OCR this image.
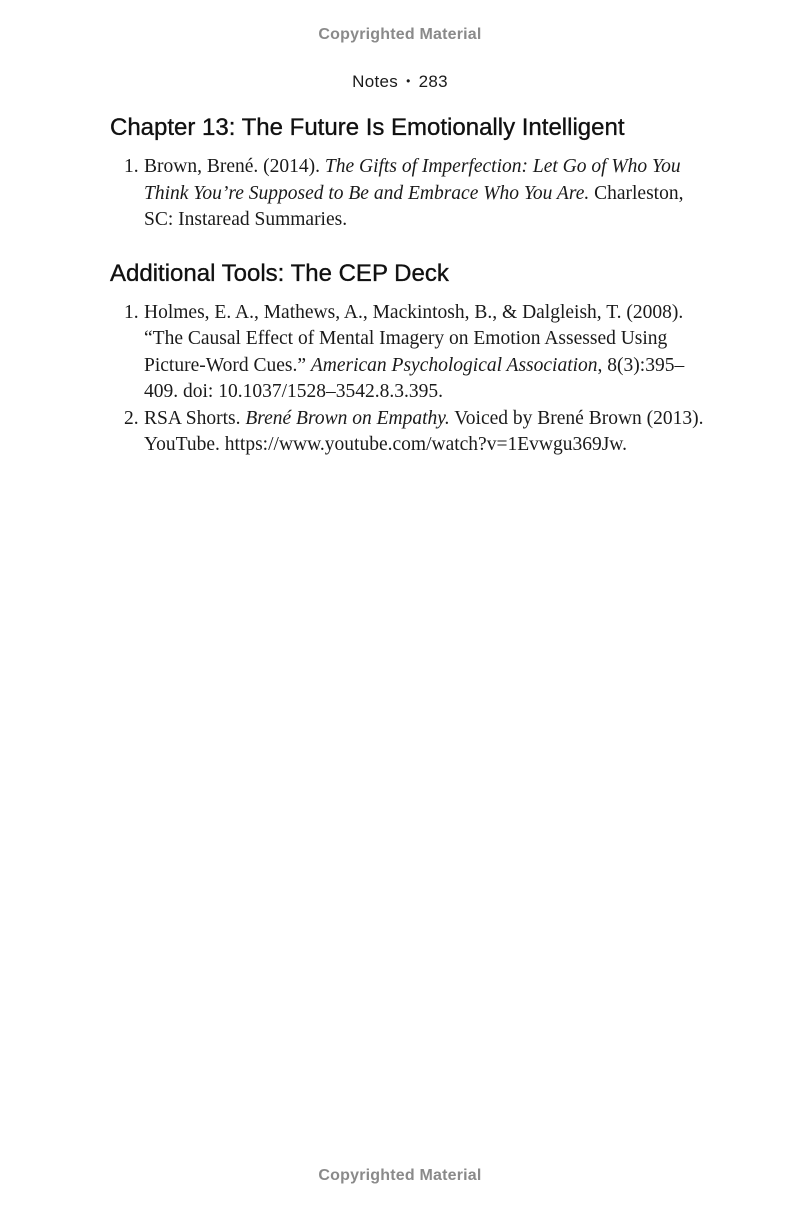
Copyrighted Material
Notes • 283
Chapter 13: The Future Is Emotionally Intelligent
1. Brown, Brené. (2014). The Gifts of Imperfection: Let Go of Who You Think You’re Supposed to Be and Embrace Who You Are. Charleston, SC: Instaread Summaries.
Additional Tools: The CEP Deck
1. Holmes, E. A., Mathews, A., Mackintosh, B., & Dalgleish, T. (2008). “The Causal Effect of Mental Imagery on Emotion Assessed Using Picture-Word Cues.” American Psychological Association, 8(3):395–409. doi: 10.1037/1528–3542.8.3.395.
2. RSA Shorts. Brené Brown on Empathy. Voiced by Brené Brown (2013). YouTube. https://www.youtube.com/watch?v=1Evwgu369Jw.
Copyrighted Material
